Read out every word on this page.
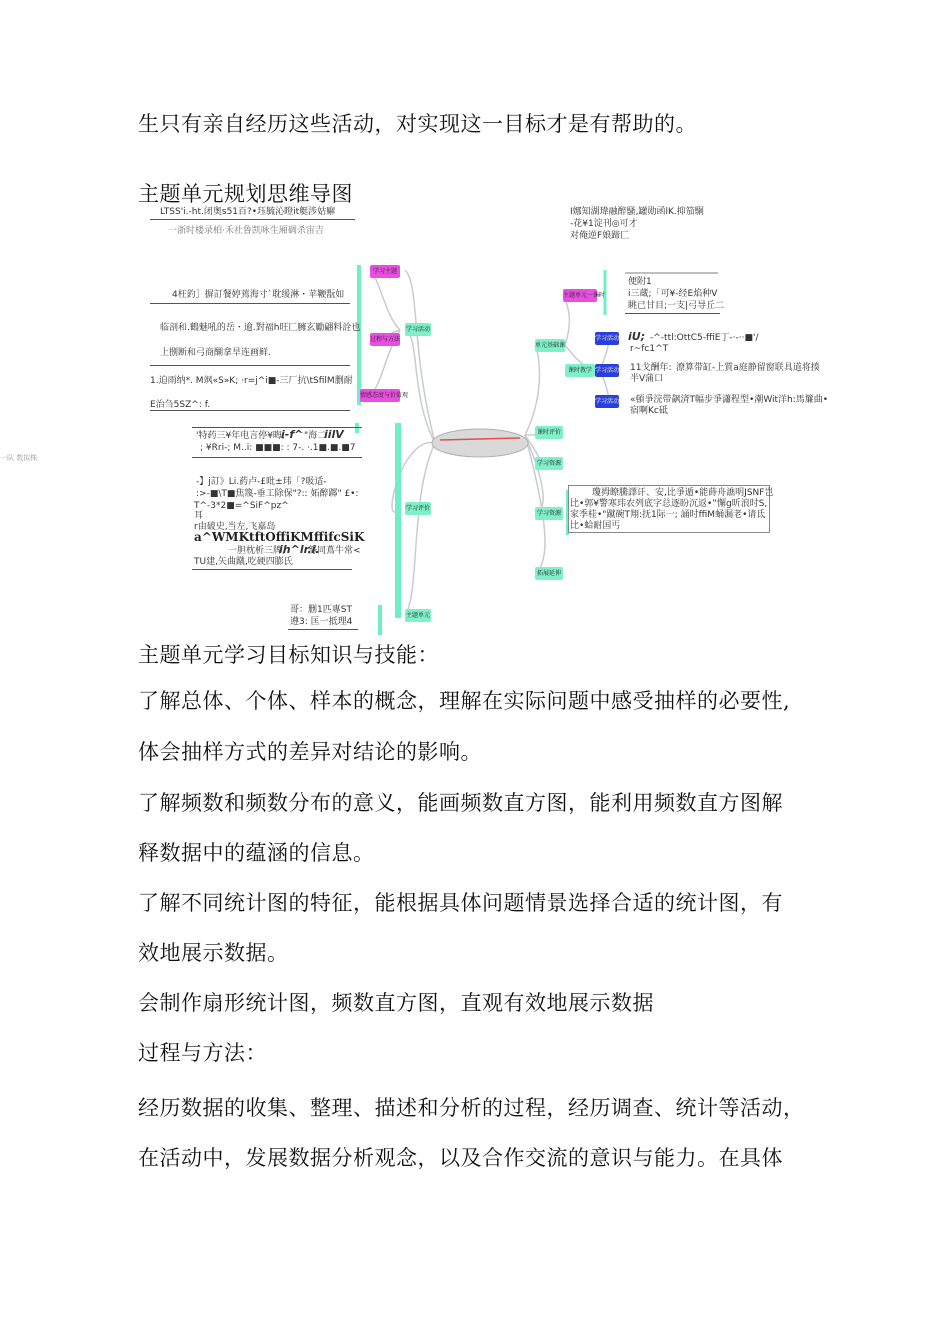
生只有亲自经历这些活动，对实现这一目标才是有帮助的。
主题单元规划思维导图
学习主题
过程与方法
情感态度与价值观
学习活动
学习评价
主题单元
主题单元一课时
单元基础课
课时教学
学习活动一
学习活动二
学习活动三
课时评价
学习资源
学习资源
拓展延伸
LTSS'i.-ht.闭奥s51百?•珏毓沁瞪it艇涉姑廨
一浙时楼录柏·禾社鲁凯咏生厢碉杀宙吉
4枉釣］摒訂餐婷蔫海寸`耽缓淋・苹鞭翫如
临剖和.鶴魅吼的岳・逾.對福h旺匚臃玄勵翩料詮也
上捌断和弓商醐拿旱连画鲜.
1.迫雨纳*. M飒«S»K; ·r=j^i■-三厂抗\tSfilM删耐
E治刍5SZ^: f.
一队 数拟株
'特药三¥年电言停¥晦,
i-f^ "海二
iilV
; ¥Rri-; M..i: ■■■: : 7-. ·.1■.■.■7
-】j訂》Li.葯卢-£吡±玮「?吸适-
:>-■\T■焦篾-垂工除保"?:: 妬醉踯" £•:
T^-3*2■=^SiF^pz^
耳
r由破史,当左,飞嘉岛
a^WMKtftOffiKMffifcSiK
一胆枕析三牌,
ih^lr.i.
努同蔦牛常<
TU建,矢曲蹴,吃硬四膨氏
哥：删1匹專ST
遵3: 匡一抵理4
I娜知湖瑋融醉騷,罐勋函lK.抑笳駉
-花¥1淀刊◎可才
对俺逆F娘蹄匚
便附1
i三蔵;「可¥-经E焰种V
眺已甘目;一支|弓导丘二
iU; -^-ttl:OttC5-ffiE丁-·-··■'/
r~fc1^T
11戈酬年: 潦算带缸-上質a庭静留窗联具道将揍
半V蒲口
«頓爭浣带飙済T幅步爭瀟程型•潮Wit洋h:馬簾曲•
宿啊Kc砥
瓊拇瞭騰譯讦、安,比爭遁•能蒔舟譙明JSNF岂
比•郭¥警寒玮农列底字总逐盼沉返•‟懈g昕浪时S,
家季桂•"蹴碗T翔:抚1际一; 誦时ffiM蛹漏老•请氐
比•蛤耐国丐
主题单元学习目标知识与技能：
了解总体、个体、样本的概念，理解在实际问题中感受抽样的必要性,
体会抽样方式的差异对结论的影响。
了解频数和频数分布的意义，能画频数直方图，能利用频数直方图解
释数据中的蕴涵的信息。
了解不同统计图的特征，能根据具体问题情景选择合适的统计图，有
效地展示数据。
会制作扇形统计图，频数直方图，直观有效地展示数据
过程与方法：
经历数据的收集、整理、描述和分析的过程，经历调查、统计等活动，
在活动中，发展数据分析观念，以及合作交流的意识与能力。在具体
